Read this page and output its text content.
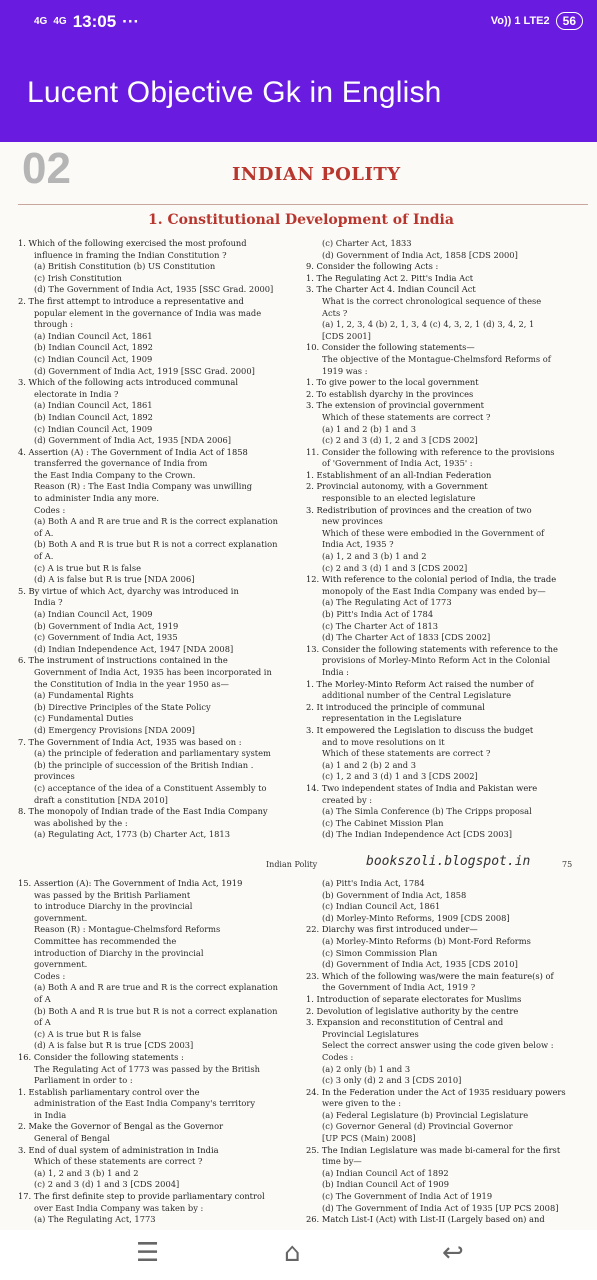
4G 4G 13:05 ···	Vo)) 1 LTE2	56
Lucent Objective Gk in English
02	INDIAN POLITY
1. Constitutional Development of India

1. Which of the following exercised the most profound

influence in framing the Indian Constitution ?

(a) British Constitution (b) US Constitution

(c) Irish Constitution

(d) The Government of India Act, 1935 [SSC Grad. 2000]

2. The first attempt to introduce a representative and

popular element in the governance of India was made

through :

(a) Indian Council Act, 1861

(b) Indian Council Act, 1892

(c) Indian Council Act, 1909

(d) Government of India Act, 1919 [SSC Grad. 2000]

3. Which of the following acts introduced communal

electorate in India ?

(a) Indian Council Act, 1861

(b) Indian Council Act, 1892

(c) Indian Council Act, 1909

(d) Government of India Act, 1935 [NDA 2006]

4. Assertion (A) : The Government of India Act of 1858

transferred the governance of India from

the East India Company to the Crown.

Reason (R) : The East India Company was unwilling

to administer India any more.

Codes :

(a) Both A and R are true and R is the correct explanation

of A.

(b) Both A and R is true but R is not a correct explanation

of A.

(c) A is true but R is false

(d) A is false but R is true [NDA 2006]

5. By virtue of which Act, dyarchy was introduced in

India ?

(a) Indian Council Act, 1909

(b) Government of India Act, 1919

(c) Government of India Act, 1935

(d) Indian Independence Act, 1947 [NDA 2008]

6. The instrument of instructions contained in the

Government of India Act, 1935 has been incorporated in

the Constitution of India in the year 1950 as—

(a) Fundamental Rights

(b) Directive Principles of the State Policy

(c) Fundamental Duties

(d) Emergency Provisions [NDA 2009]

7. The Government of India Act, 1935 was based on :

(a) the principle of federation and parliamentary system

(b) the principle of succession of the British Indian .

provinces

(c) acceptance of the idea of a Constituent Assembly to

draft a constitution [NDA 2010]

8. The monopoly of Indian trade of the East India Company

was abolished by the :

(a) Regulating Act, 1773 (b) Charter Act, 1813

(c) Charter Act, 1833

(d) Government of India Act, 1858 [CDS 2000]

9. Consider the following Acts :

1. The Regulating Act 2. Pitt's India Act

3. The Charter Act 4. Indian Council Act

What is the correct chronological sequence of these

Acts ?

(a) 1, 2, 3, 4 (b) 2, 1, 3, 4 (c) 4, 3, 2, 1 (d) 3, 4, 2, 1

[CDS 2001]

10. Consider the following statements—

The objective of the Montague-Chelmsford Reforms of

1919 was :

1. To give power to the local government

2. To establish dyarchy in the provinces

3. The extension of provincial government

Which of these statements are correct ?

(a) 1 and 2 (b) 1 and 3

(c) 2 and 3 (d) 1, 2 and 3 [CDS 2002]

11. Consider the following with reference to the provisions

of 'Government of India Act, 1935' :

1. Establishment of an all-Indian Federation

2. Provincial autonomy, with a Government

responsible to an elected legislature

3. Redistribution of provinces and the creation of two

new provinces

Which of these were embodied in the Government of

India Act, 1935 ?

(a) 1, 2 and 3 (b) 1 and 2

(c) 2 and 3 (d) 1 and 3 [CDS 2002]

12. With reference to the colonial period of India, the trade

monopoly of the East India Company was ended by—

(a) The Regulating Act of 1773

(b) Pitt's India Act of 1784

(c) The Charter Act of 1813

(d) The Charter Act of 1833 [CDS 2002]

13. Consider the following statements with reference to the

provisions of Morley-Minto Reform Act in the Colonial

India :

1. The Morley-Minto Reform Act raised the number of

additional number of the Central Legislature

2. It introduced the principle of communal

representation in the Legislature

3. It empowered the Legislation to discuss the budget

and to move resolutions on it

Which of these statements are correct ?

(a) 1 and 2 (b) 2 and 3

(c) 1, 2 and 3 (d) 1 and 3 [CDS 2002]

14. Two independent states of India and Pakistan were

created by :

(a) The Simla Conference (b) The Cripps proposal

(c) The Cabinet Mission Plan

(d) The Indian Independence Act [CDS 2003]

Indian Polity	bookszoli.blogspot.in	75

15. Assertion (A): The Government of India Act, 1919

was passed by the British Parliament

to introduce Diarchy in the provincial

government.

Reason (R) : Montague-Chelmsford Reforms

Committee has recommended the

introduction of Diarchy in the provincial

government.

Codes :

(a) Both A and R are true and R is the correct explanation

of A

(b) Both A and R is true but R is not a correct explanation

of A

(c) A is true but R is false

(d) A is false but R is true [CDS 2003]

16. Consider the following statements :

The Regulating Act of 1773 was passed by the British

Parliament in order to :

1. Establish parliamentary control over the

administration of the East India Company's territory

in India

2. Make the Governor of Bengal as the Governor

General of Bengal

3. End of dual system of administration in India

Which of these statements are correct ?

(a) 1, 2 and 3 (b) 1 and 2

(c) 2 and 3 (d) 1 and 3 [CDS 2004]

17. The first definite step to provide parliamentary control

over East India Company was taken by :

(a) The Regulating Act, 1773

(a) Pitt's India Act, 1784

(b) Government of India Act, 1858

(c) Indian Council Act, 1861

(d) Morley-Minto Reforms, 1909 [CDS 2008]

22. Diarchy was first introduced under—

(a) Morley-Minto Reforms (b) Mont-Ford Reforms

(c) Simon Commission Plan

(d) Government of India Act, 1935 [CDS 2010]

23. Which of the following was/were the main feature(s) of

the Government of India Act, 1919 ?

1. Introduction of separate electorates for Muslims

2. Devolution of legislative authority by the centre

3. Expansion and reconstitution of Central and

Provincial Legislatures

Select the correct answer using the code given below :

Codes :

(a) 2 only (b) 1 and 3

(c) 3 only (d) 2 and 3 [CDS 2010]

24. In the Federation under the Act of 1935 residuary powers

were given to the :

(a) Federal Legislature (b) Provincial Legislature

(c) Governor General (d) Provincial Governor

[UP PCS (Main) 2008]

25. The Indian Legislature was made bi-cameral for the first

time by—

(a) Indian Council Act of 1892

(b) Indian Council Act of 1909

(c) The Government of India Act of 1919

(d) The Government of India Act of 1935 [UP PCS 2008]

26. Match List-I (Act) with List-II (Largely based on) and

☰	⌂	↩
